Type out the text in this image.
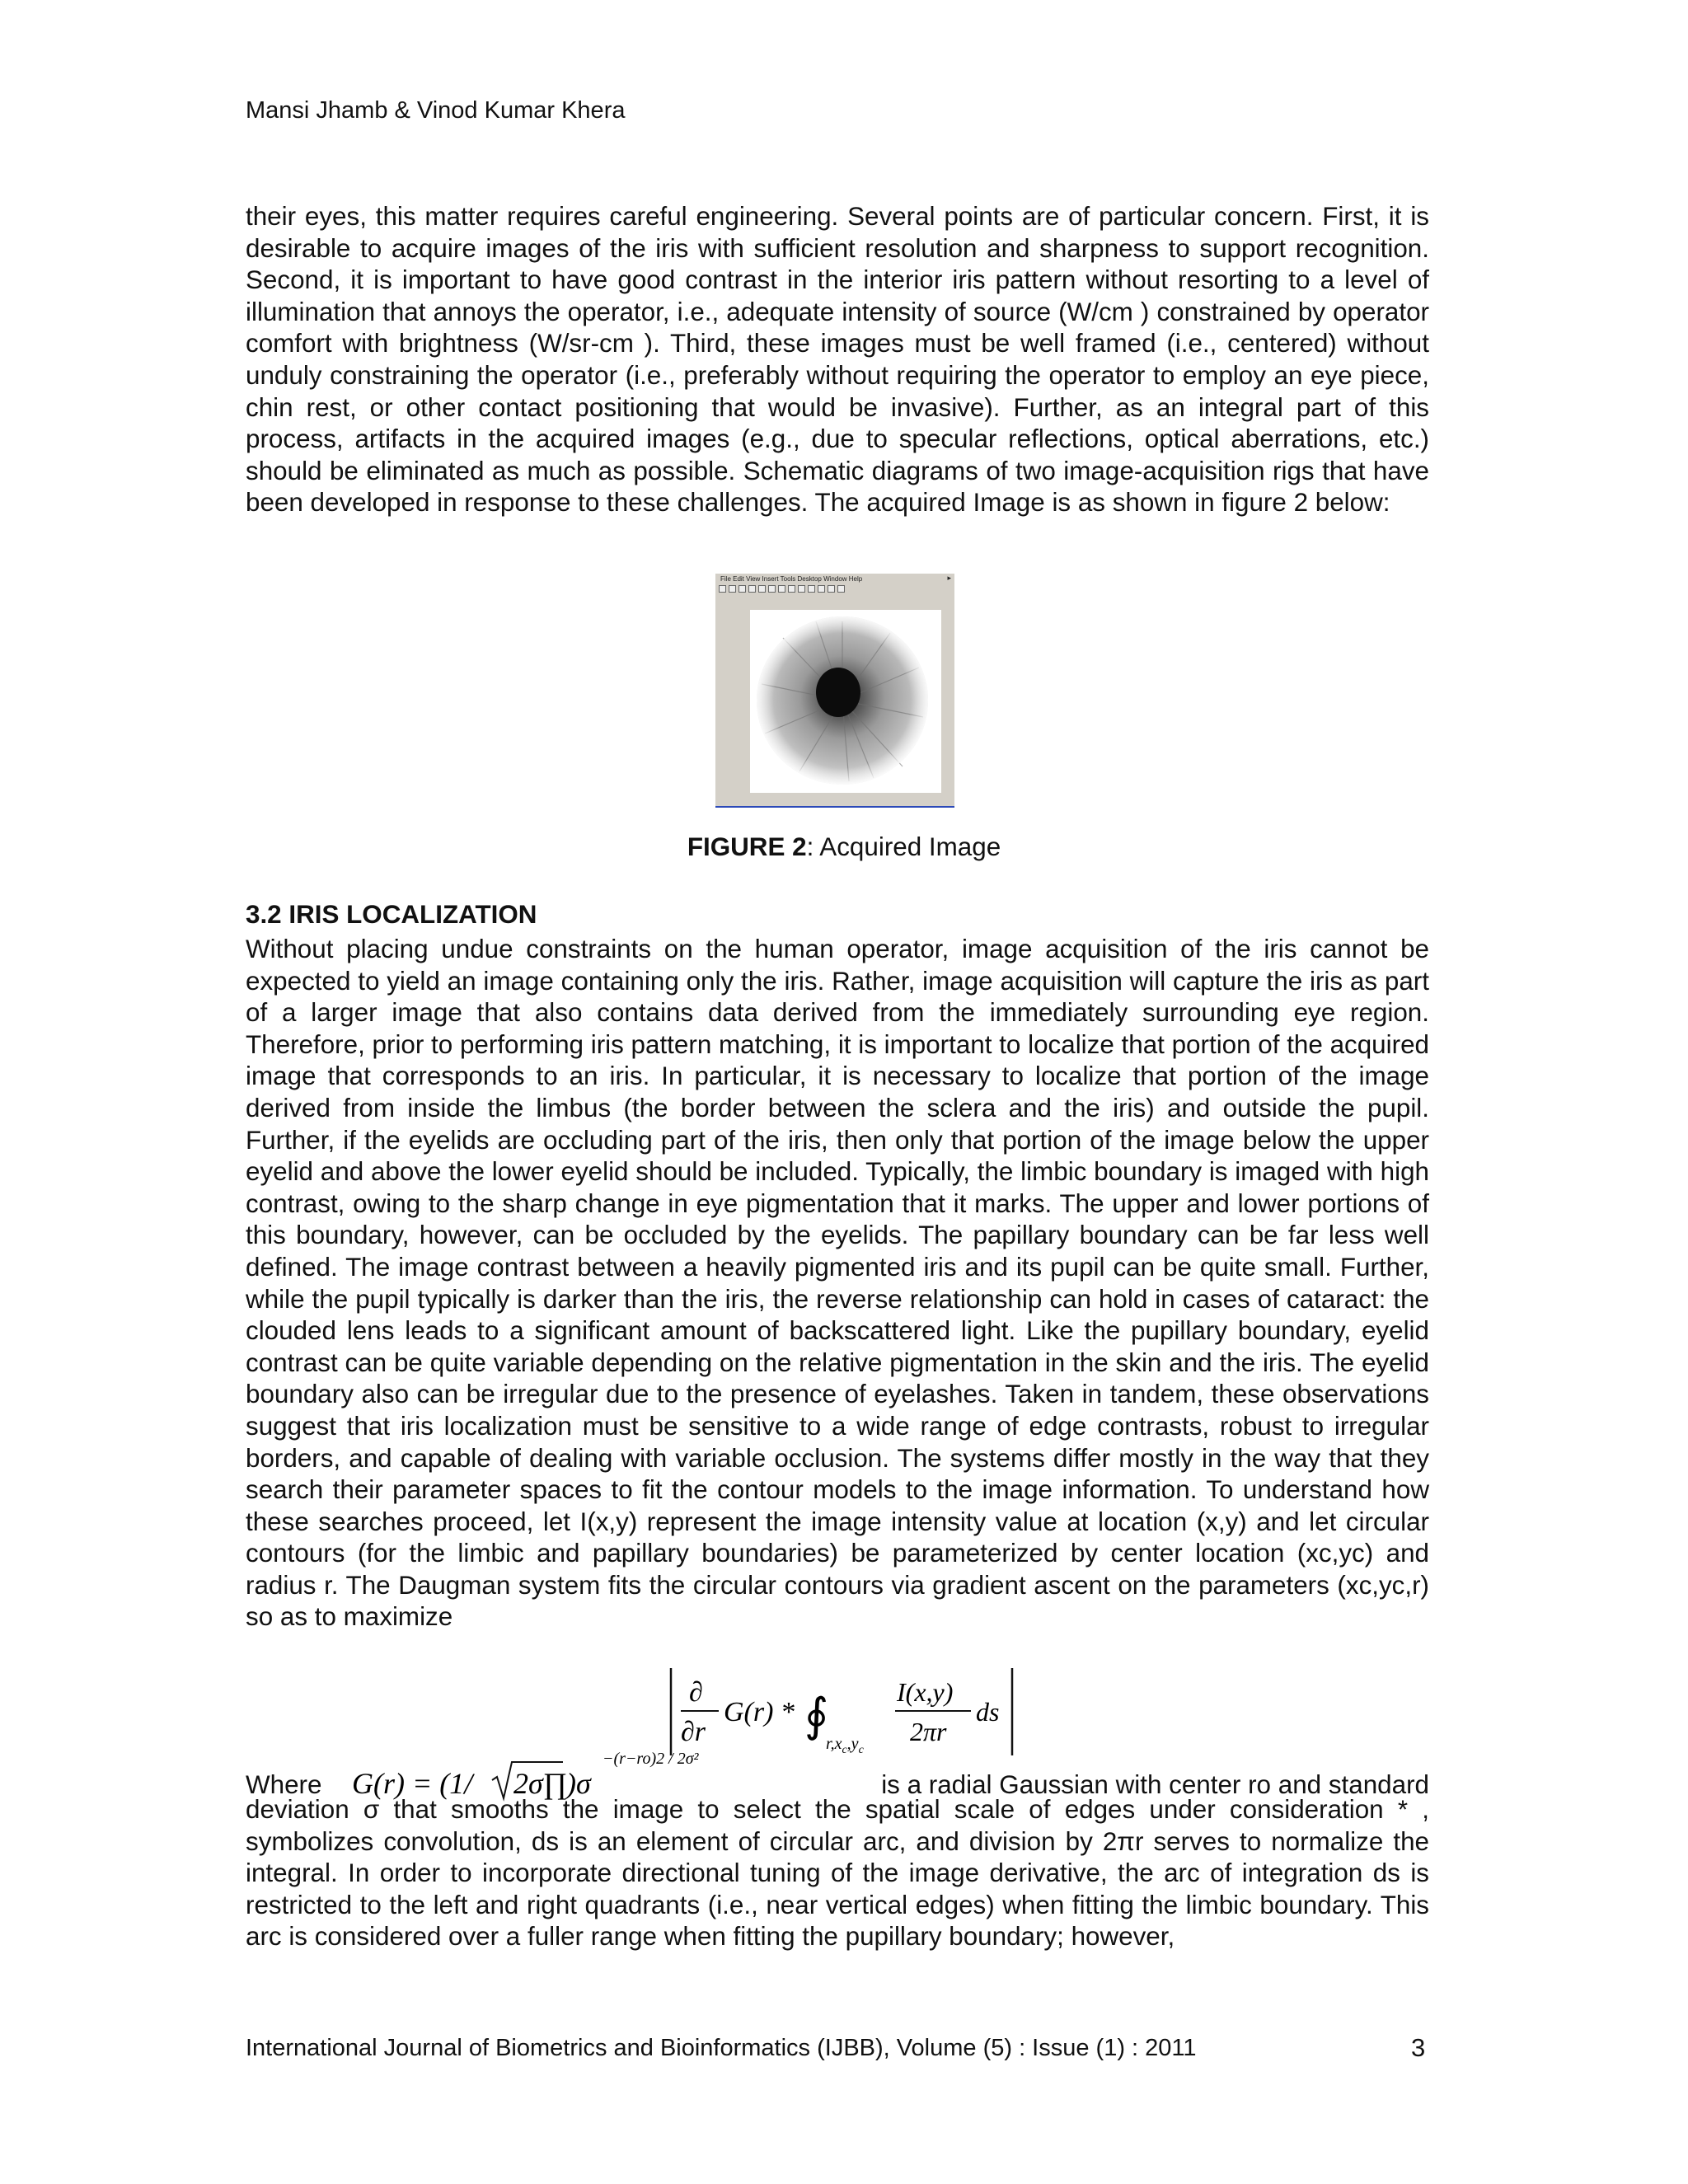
Mansi Jhamb & Vinod Kumar Khera

their eyes, this matter requires careful engineering. Several points are of particular concern. First, it is desirable to acquire images of the iris with sufficient resolution and sharpness to support recognition. Second, it is important to have good contrast in the interior iris pattern without resorting to a level of illumination that annoys the operator, i.e., adequate intensity of source (W/cm ) constrained by operator comfort with brightness (W/sr-cm ). Third, these images must be well framed (i.e., centered) without unduly constraining the operator (i.e., preferably without requiring the operator to employ an eye piece, chin rest, or other contact positioning that would be invasive). Further, as an integral part of this process, artifacts in the acquired images (e.g., due to specular reflections, optical aberrations, etc.) should be eliminated as much as possible. Schematic diagrams of two image-acquisition rigs that have been developed in response to these challenges. The acquired Image is as shown in figure 2 below:

File Edit View Insert Tools Desktop Window Help	▸
FIGURE 2: Acquired Image
3.2 IRIS LOCALIZATION

Without placing undue constraints on the human operator, image acquisition of the iris cannot be expected to yield an image containing only the iris. Rather, image acquisition will capture the iris as part of a larger image that also contains data derived from the immediately surrounding eye region. Therefore, prior to performing iris pattern matching, it is important to localize that portion of the acquired image that corresponds to an iris. In particular, it is necessary to localize that portion of the image derived from inside the limbus (the border between the sclera and the iris) and outside the pupil. Further, if the eyelids are occluding part of the iris, then only that portion of the image below the upper eyelid and above the lower eyelid should be included. Typically, the limbic boundary is imaged with high contrast, owing to the sharp change in eye pigmentation that it marks. The upper and lower portions of this boundary, however, can be occluded by the eyelids. The papillary boundary can be far less well defined. The image contrast between a heavily pigmented iris and its pupil can be quite small. Further, while the pupil typically is darker than the iris, the reverse relationship can hold in cases of cataract: the clouded lens leads to a significant amount of backscattered light. Like the pupillary boundary, eyelid contrast can be quite variable depending on the relative pigmentation in the skin and the iris. The eyelid boundary also can be irregular due to the presence of eyelashes. Taken in tandem, these observations suggest that iris localization must be sensitive to a wide range of edge contrasts, robust to irregular borders, and capable of dealing with variable occlusion. The systems differ mostly in the way that they search their parameter spaces to fit the contour models to the image information. To understand how these searches proceed, let I(x,y) represent the image intensity value at location (x,y) and let circular contours (for the limbic and papillary boundaries) be parameterized by center location (xc,yc) and radius r. The Daugman system fits the circular contours via gradient ascent on the parameters (xc,yc,r) so as to maximize

∂
∂r
G(r) * ∮
$r,x_c,y_c$
I(x,y)
2πr
ds
Where	is a radial Gaussian with center ro and standard
G(r) = (1/ 2σ∏
)σ
−(r−ro)2 / 2σ²

deviation σ that smooths the image to select the spatial scale of edges under consideration * , symbolizes convolution, ds is an element of circular arc, and division by 2πr serves to normalize the integral. In order to incorporate directional tuning of the image derivative, the arc of integration ds is restricted to the left and right quadrants (i.e., near vertical edges) when fitting the limbic boundary. This arc is considered over a fuller range when fitting the pupillary boundary; however,

International Journal of Biometrics and Bioinformatics (IJBB), Volume (5) : Issue (1) : 2011	3
